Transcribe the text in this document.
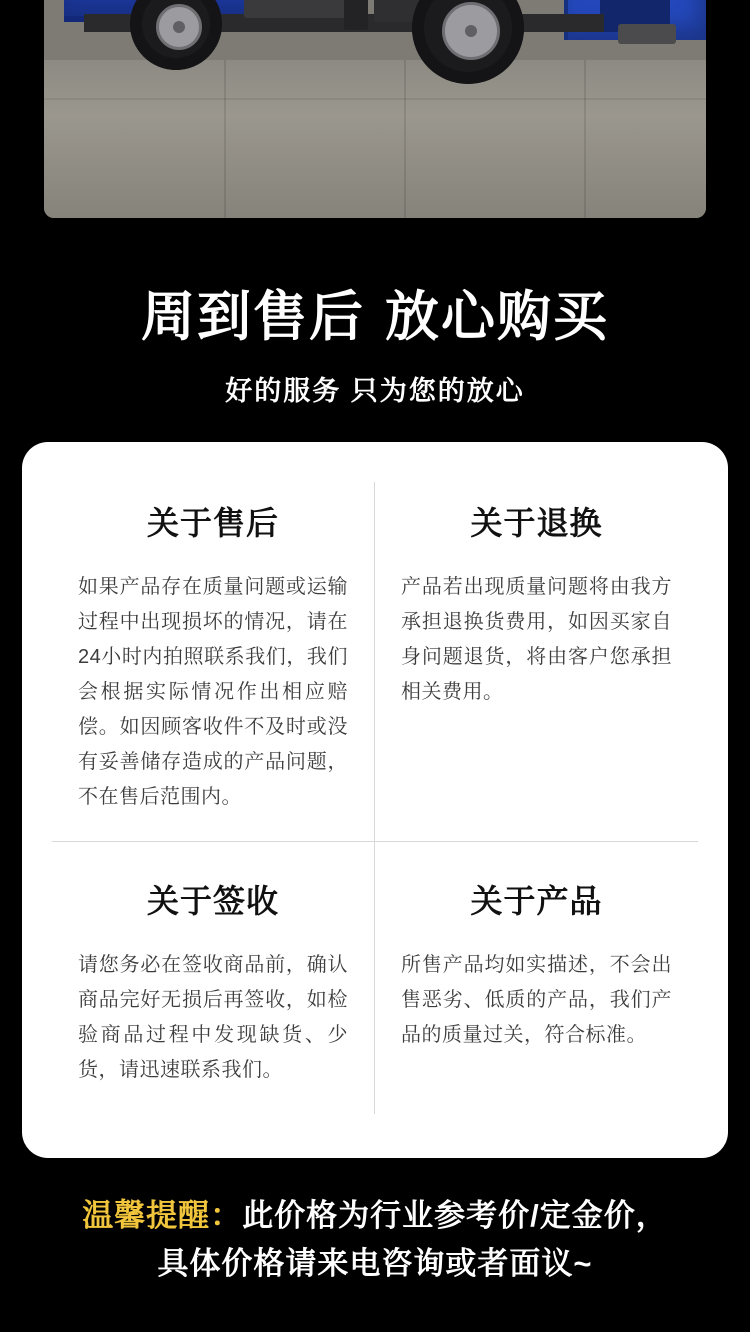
周到售后 放心购买
好的服务 只为您的放心
关于售后
如果产品存在质量问题或运输过程中出现损坏的情况，请在24小时内拍照联系我们，我们会根据实际情况作出相应赔偿。如因顾客收件不及时或没有妥善储存造成的产品问题，不在售后范围内。
关于退换
产品若出现质量问题将由我方承担退换货费用，如因买家自身问题退货，将由客户您承担相关费用。
关于签收
请您务必在签收商品前，确认商品完好无损后再签收，如检验商品过程中发现缺货、少货，请迅速联系我们。
关于产品
所售产品均如实描述，不会出售恶劣、低质的产品，我们产品的质量过关，符合标准。
温馨提醒：此价格为行业参考价/定金价，
具体价格请来电咨询或者面议~
